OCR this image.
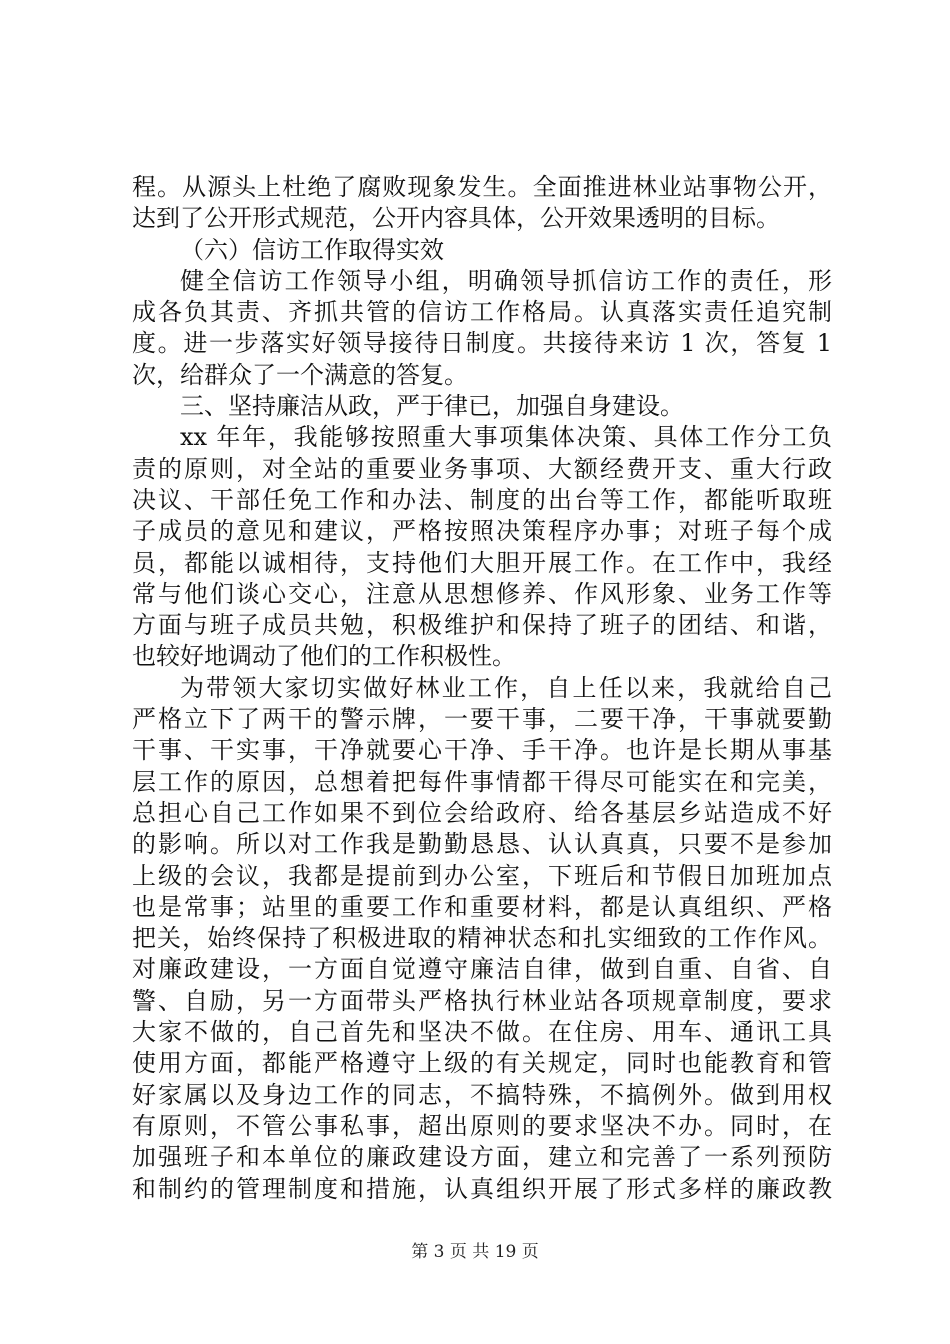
程。从源头上杜绝了腐败现象发生。全面推进林业站事物公开，
达到了公开形式规范，公开内容具体，公开效果透明的目标。
（六）信访工作取得实效
健全信访工作领导小组，明确领导抓信访工作的责任，形
成各负其责、齐抓共管的信访工作格局。认真落实责任追究制
度。进一步落实好领导接待日制度。共接待来访 1 次，答复 1
次，给群众了一个满意的答复。
三、坚持廉洁从政，严于律已，加强自身建设。
xx 年年，我能够按照重大事项集体决策、具体工作分工负
责的原则，对全站的重要业务事项、大额经费开支、重大行政
决议、干部任免工作和办法、制度的出台等工作，都能听取班
子成员的意见和建议，严格按照决策程序办事；对班子每个成
员，都能以诚相待，支持他们大胆开展工作。在工作中，我经
常与他们谈心交心，注意从思想修养、作风形象、业务工作等
方面与班子成员共勉，积极维护和保持了班子的团结、和谐，
也较好地调动了他们的工作积极性。
为带领大家切实做好林业工作，自上任以来，我就给自己
严格立下了两干的警示牌，一要干事，二要干净，干事就要勤
干事、干实事，干净就要心干净、手干净。也许是长期从事基
层工作的原因，总想着把每件事情都干得尽可能实在和完美，
总担心自己工作如果不到位会给政府、给各基层乡站造成不好
的影响。所以对工作我是勤勤恳恳、认认真真，只要不是参加
上级的会议，我都是提前到办公室，下班后和节假日加班加点
也是常事；站里的重要工作和重要材料，都是认真组织、严格
把关，始终保持了积极进取的精神状态和扎实细致的工作作风。
对廉政建设，一方面自觉遵守廉洁自律，做到自重、自省、自
警、自励，另一方面带头严格执行林业站各项规章制度，要求
大家不做的，自己首先和坚决不做。在住房、用车、通讯工具
使用方面，都能严格遵守上级的有关规定，同时也能教育和管
好家属以及身边工作的同志，不搞特殊，不搞例外。做到用权
有原则，不管公事私事，超出原则的要求坚决不办。同时，在
加强班子和本单位的廉政建设方面，建立和完善了一系列预防
和制约的管理制度和措施，认真组织开展了形式多样的廉政教
第 3 页 共 19 页
